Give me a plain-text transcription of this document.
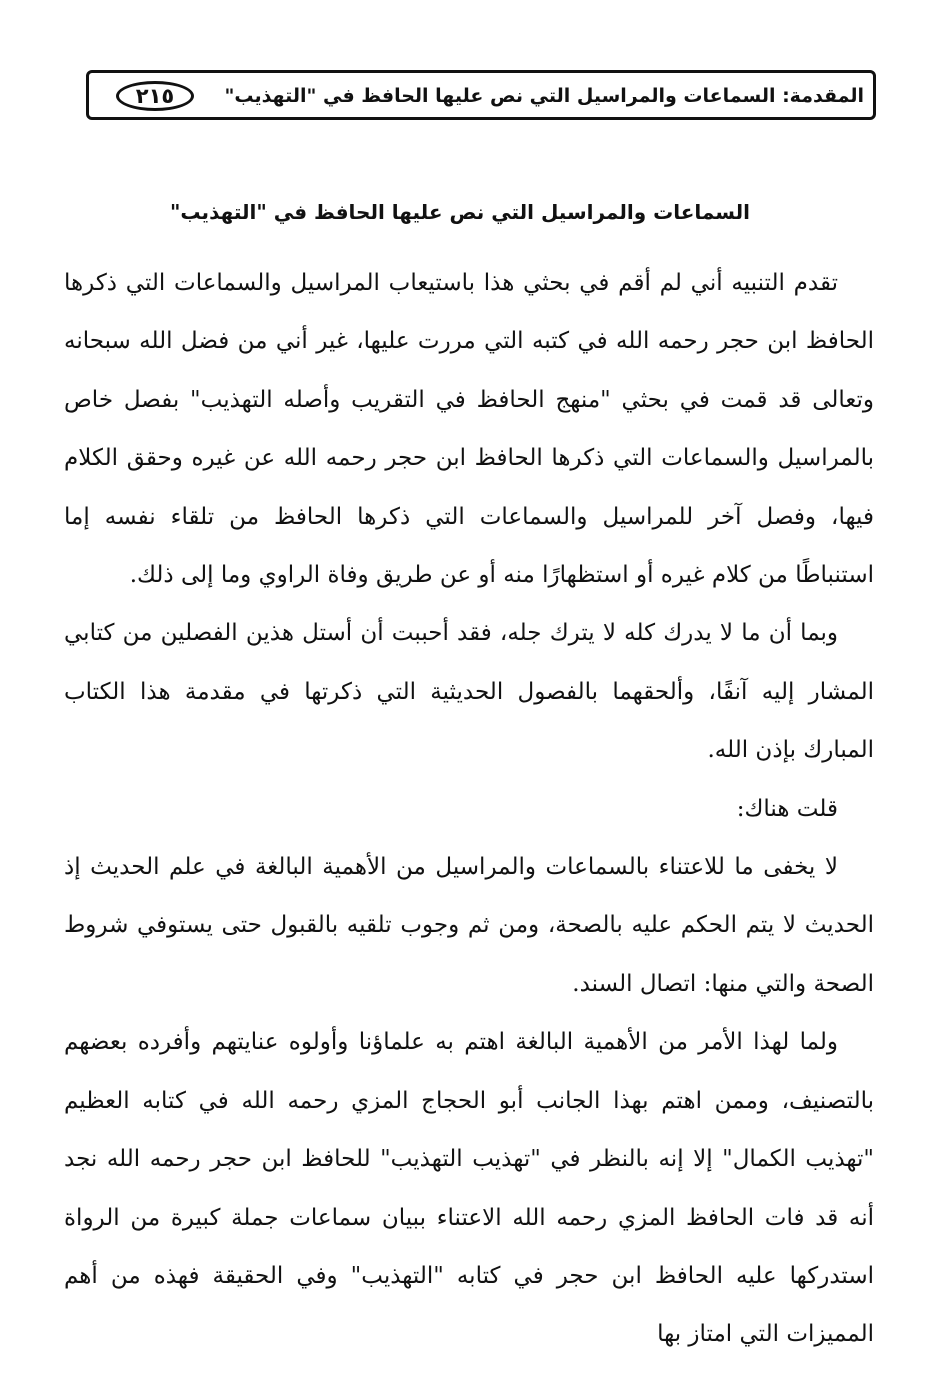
المقدمة: السماعات والمراسيل التي نص عليها الحافظ في "التهذيب"
٢١٥
السماعات والمراسيل التي نص عليها الحافظ في "التهذيب"

تقدم التنبيه أني لم أقم في بحثي هذا باستيعاب المراسيل والسماعات التي ذكرها الحافظ ابن حجر رحمه الله في كتبه التي مررت عليها، غير أني من فضل الله سبحانه وتعالى قد قمت في بحثي "منهج الحافظ في التقريب وأصله التهذيب" بفصل خاص بالمراسيل والسماعات التي ذكرها الحافظ ابن حجر رحمه الله عن غيره وحقق الكلام فيها، وفصل آخر للمراسيل والسماعات التي ذكرها الحافظ من تلقاء نفسه إما استنباطًا من كلام غيره أو استظهارًا منه أو عن طريق وفاة الراوي وما إلى ذلك.

وبما أن ما لا يدرك كله لا يترك جله، فقد أحببت أن أستل هذين الفصلين من كتابي المشار إليه آنفًا، وألحقهما بالفصول الحديثية التي ذكرتها في مقدمة هذا الكتاب المبارك بإذن الله.

قلت هناك:

لا يخفى ما للاعتناء بالسماعات والمراسيل من الأهمية البالغة في علم الحديث إذ الحديث لا يتم الحكم عليه بالصحة، ومن ثم وجوب تلقيه بالقبول حتى يستوفي شروط الصحة والتي منها: اتصال السند.

ولما لهذا الأمر من الأهمية البالغة اهتم به علماؤنا وأولوه عنايتهم وأفرده بعضهم بالتصنيف، وممن اهتم بهذا الجانب أبو الحجاج المزي رحمه الله في كتابه العظيم "تهذيب الكمال" إلا إنه بالنظر في "تهذيب التهذيب" للحافظ ابن حجر رحمه الله نجد أنه قد فات الحافظ المزي رحمه الله الاعتناء ببيان سماعات جملة كبيرة من الرواة استدركها عليه الحافظ ابن حجر في كتابه "التهذيب" وفي الحقيقة فهذه من أهم المميزات التي امتاز بها
